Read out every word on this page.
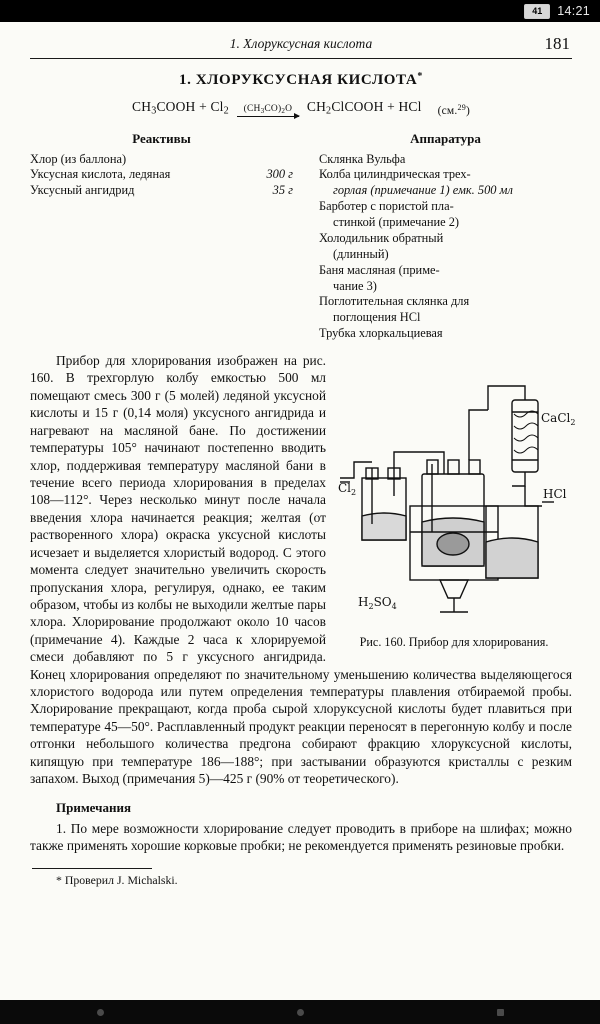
41	14:21
1. Хлоруксусная кислота	181
1. ХЛОРУКСУСНАЯ КИСЛОТА*
$CH_3COOH + Cl_2$ $(CH_3CO)_2O$ $CH_2ClCOOH$ + HCl (см.$^{29}$)
Реактивы
Хлор (из баллона)
Уксусная кислота, ледяная	300 г
Уксусный ангидрид	35 г
Аппаратура
Склянка Вульфа
Колба цилиндрическая трех-
горлая (примечание 1) емк. 500 мл
Барботер с пористой пла-
стинкой (примечание 2)
Холодильник обратный
(длинный)
Баня масляная (приме-
чание 3)
Поглотительная склянка для
поглощения HCl
Трубка хлоркальциевая
$Cl_2$
$H_2SO_4$
CaCl$_2$
HCl
Рис. 160. Прибор для хлорирования.

Прибор для хлорирования изображен на рис. 160. В трехгорлую колбу емкостью 500 мл помещают смесь 300 г (5 молей) ледяной уксусной кислоты и 15 г (0,14 моля) уксусного ангидрида и нагревают на масляной бане. По достижении температуры 105° начинают постепенно вводить хлор, поддерживая температуру масляной бани в течение всего периода хлорирования в пределах 108—112°. Через несколько минут после начала введения хлора начинается реакция; желтая (от растворенного хлора) окраска уксусной кислоты исчезает и выделяется хлористый водород. С этого момента следует значительно увеличить скорость пропускания хлора, регулируя, однако, ее таким образом, чтобы из колбы не выходили желтые пары хлора. Хлорирование продолжают около 10 часов (примечание 4). Каждые 2 часа к хлорируемой смеси добавляют по 5 г уксусного ангидрида. Конец хлорирования определяют по значительному уменьшению количества выделяющегося хлористого водорода или путем определения температуры плавления отбираемой пробы. Хлорирование прекращают, когда проба сырой хлоруксусной кислоты будет плавиться при температуре 45—50°. Расплавленный продукт реакции переносят в перегонную колбу и после отгонки небольшого количества предгона собирают фракцию хлоруксусной кислоты, кипящую при температуре 186—188°; при застывании образуются кристаллы с резким запахом. Выход (примечания 5)—425 г (90% от теоретического).

Примечания

1. По мере возможности хлорирование следует проводить в приборе на шлифах; можно также применять хорошие корковые пробки; не рекомендуется применять резиновые пробки.

* Проверил J. Michalski.
